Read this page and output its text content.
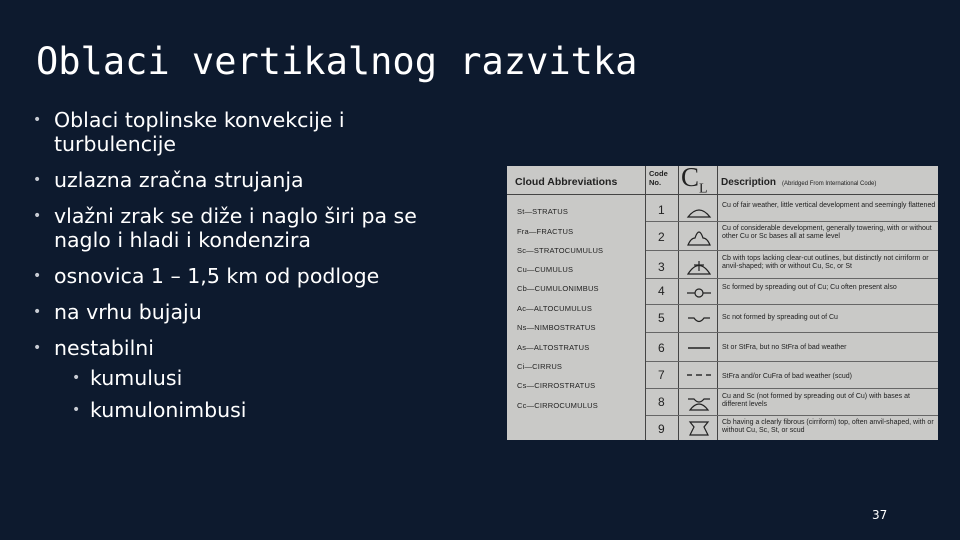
Oblaci vertikalnog razvitka
• Oblaci toplinske konvekcije i turbulencije
• uzlazna zračna strujanja
• vlažni zrak se diže i naglo širi pa se naglo i hladi i kondenzira
• osnovica 1 – 1,5 km od podloge
• na vrhu bujaju
• nestabilni
• kumulusi
• kumulonimbusi
Cloud Abbreviations
St—STRATUS
Fra—FRACTUS
Sc—STRATOCUMULUS
Cu—CUMULUS
Cb—CUMULONIMBUS
Ac—ALTOCUMULUS
Ns—NIMBOSTRATUS
As—ALTOSTRATUS
Ci—CIRRUS
Cs—CIRROSTRATUS
Cc—CIRROCUMULUS
Code
No.
1
2
3
4
5
6
7
8
9
$C_L$ Description (Abridged From International Code)
Cu of fair weather, little vertical development and seemingly flattened
Cu of considerable development, generally towering, with or without other Cu or Sc bases all at same level
Cb with tops lacking clear-cut outlines, but distinctly not cirriform or anvil-shaped; with or without Cu, Sc, or St
Sc formed by spreading out of Cu; Cu often present also
Sc not formed by spreading out of Cu
St or StFra, but no StFra of bad weather
StFra and/or CuFra of bad weather (scud)
Cu and Sc (not formed by spreading out of Cu) with bases at different levels
Cb having a clearly fibrous (cirriform) top, often anvil-shaped, with or without Cu, Sc, St, or scud
37
